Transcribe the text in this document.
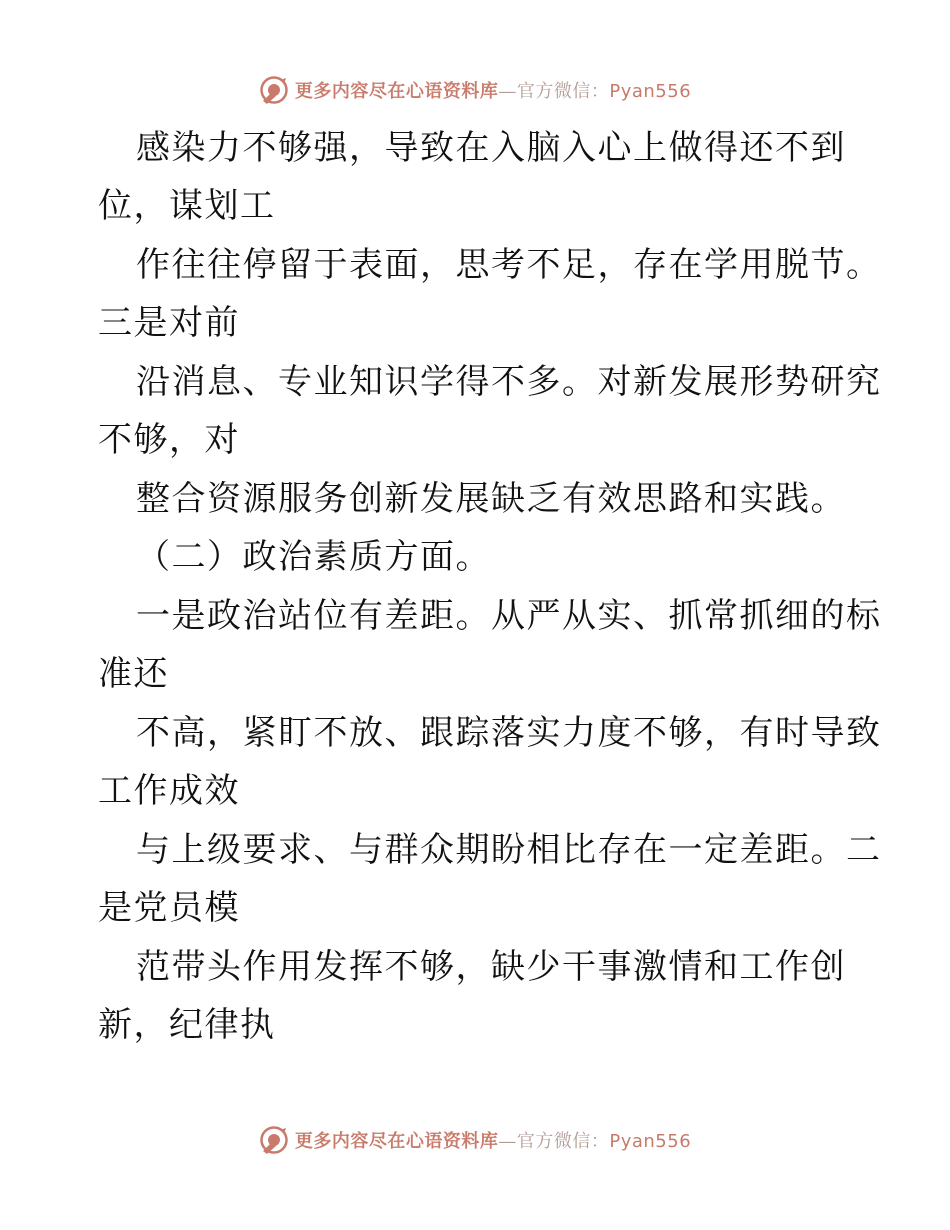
更多内容尽在心语资料库—官方微信：Pyan556
感染力不够强，导致在入脑入心上做得还不到
位，谋划工
作往往停留于表面，思考不足，存在学用脱节。
三是对前
沿消息、专业知识学得不多。对新发展形势研究
不够，对
整合资源服务创新发展缺乏有效思路和实践。
（二）政治素质方面。
一是政治站位有差距。从严从实、抓常抓细的标
准还
不高，紧盯不放、跟踪落实力度不够，有时导致
工作成效
与上级要求、与群众期盼相比存在一定差距。二
是党员模
范带头作用发挥不够，缺少干事激情和工作创
新，纪律执
更多内容尽在心语资料库—官方微信：Pyan556
